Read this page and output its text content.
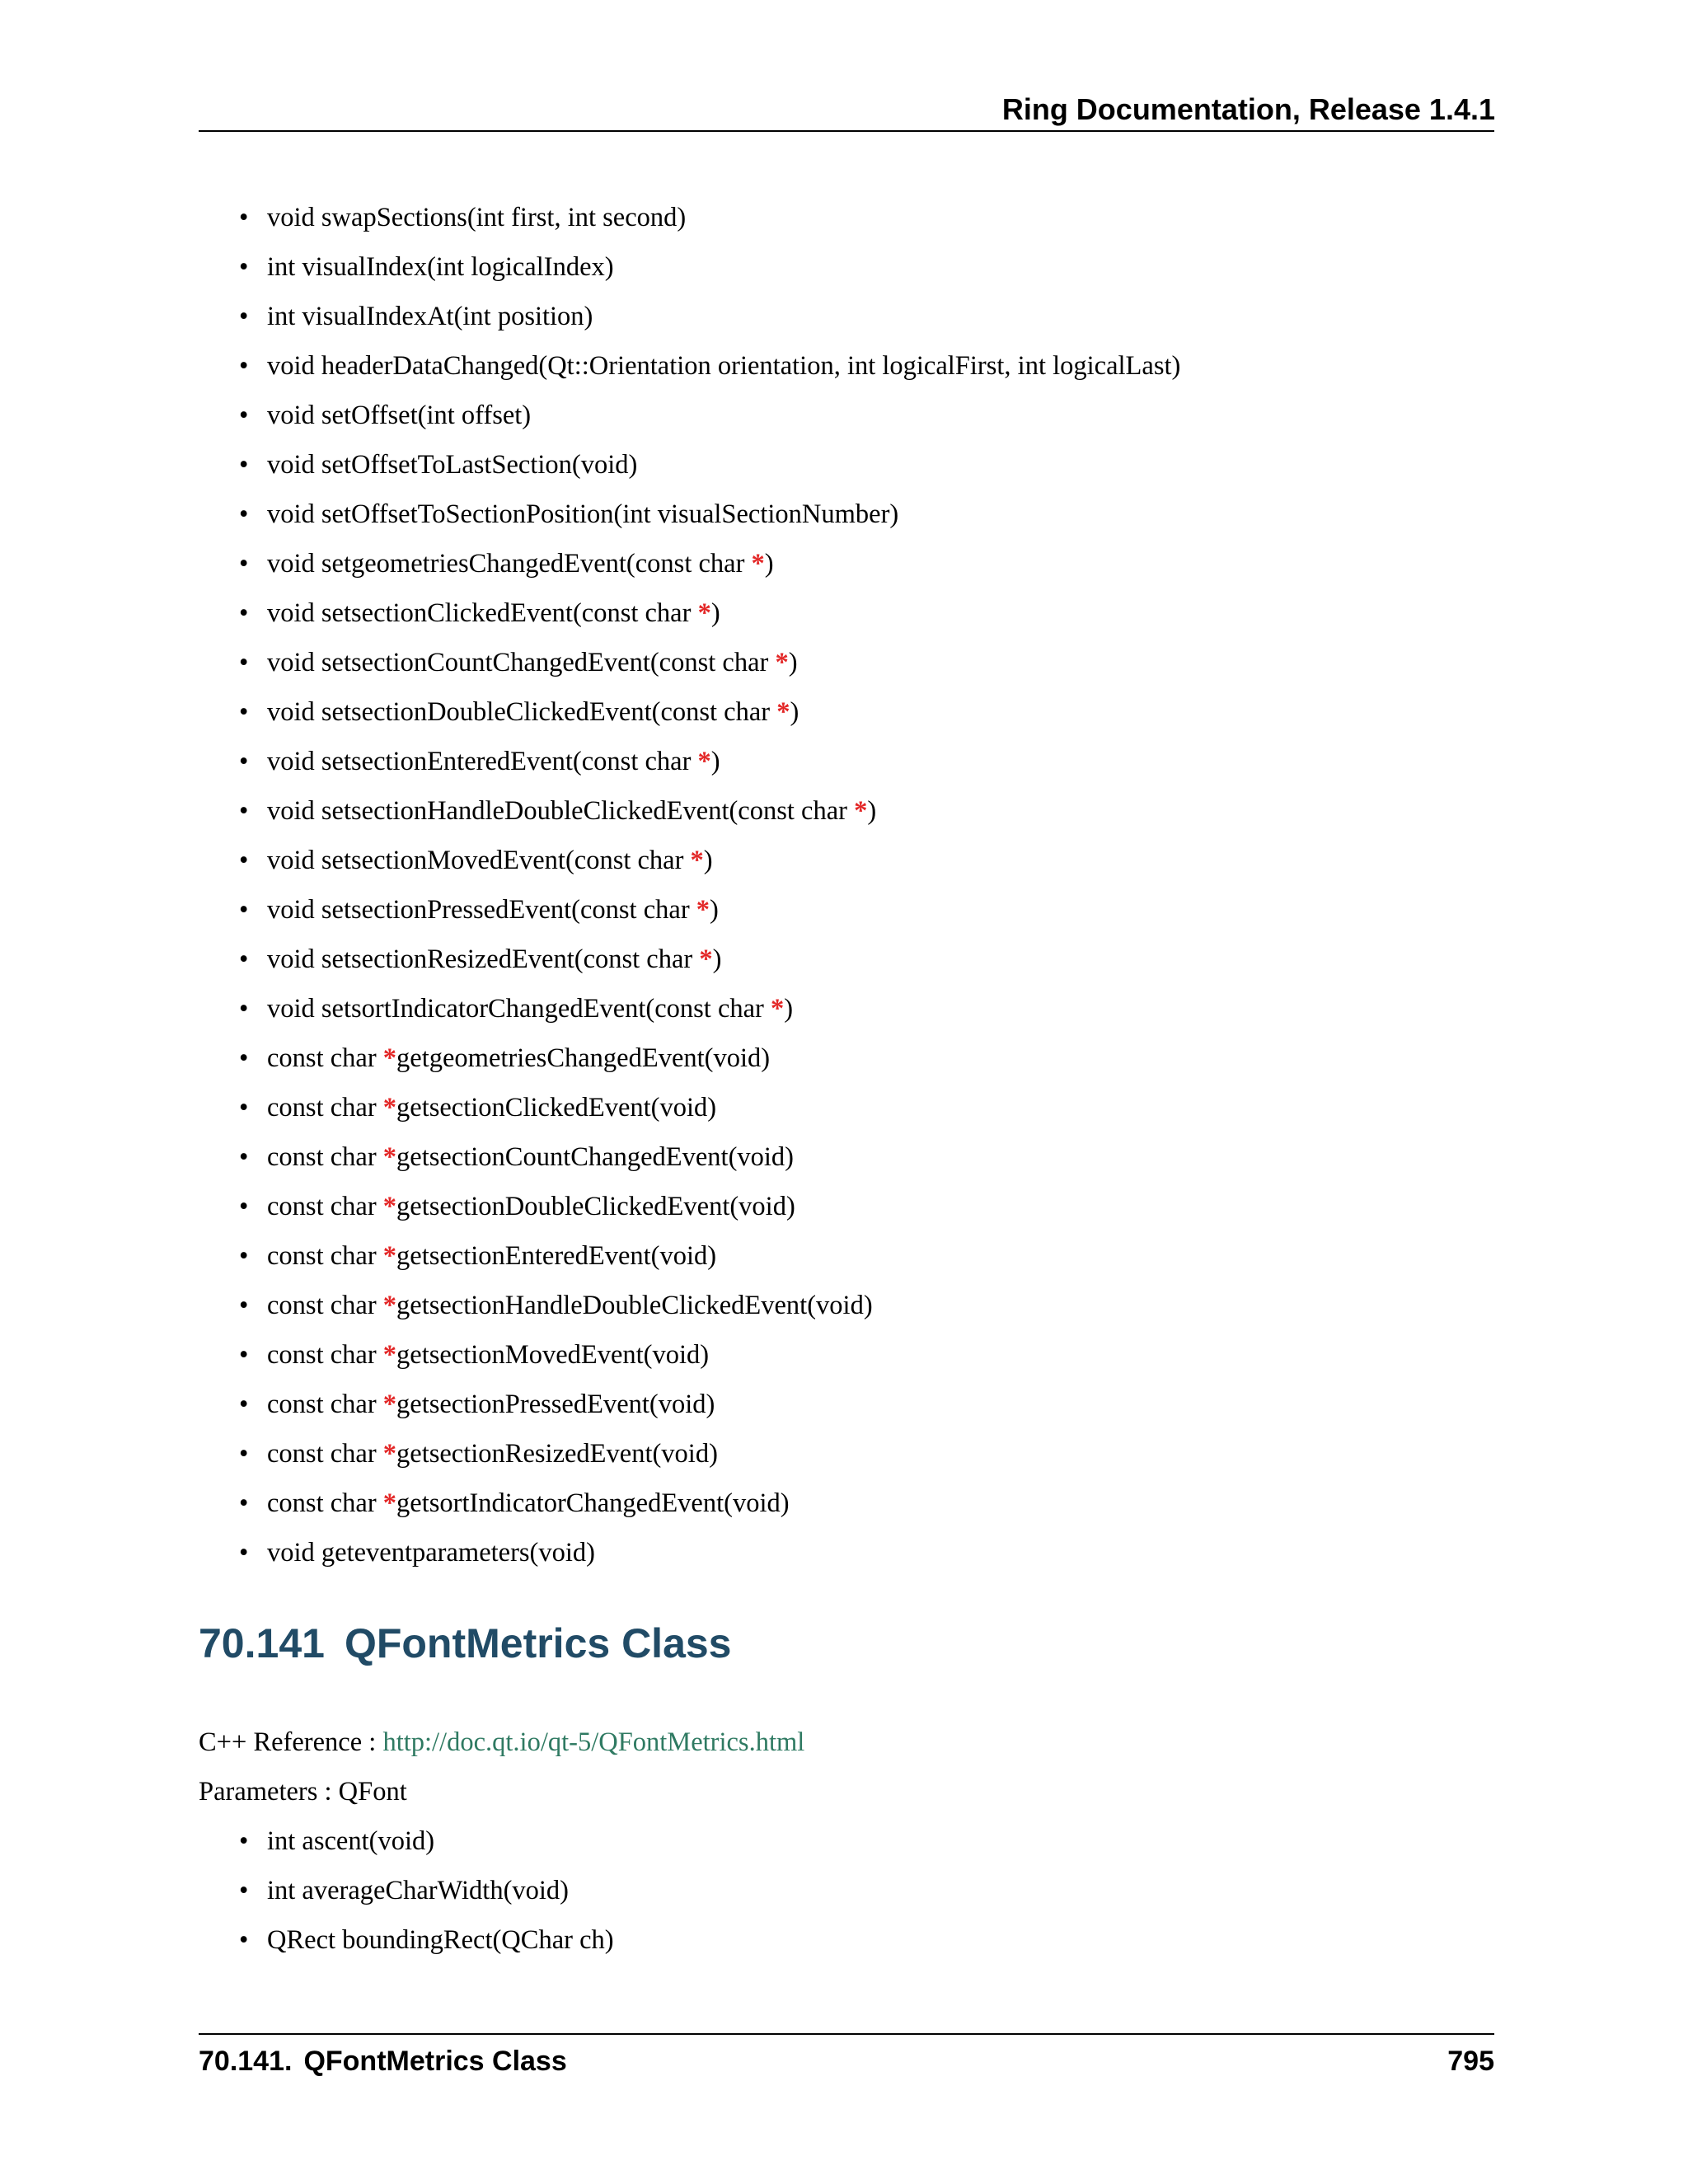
Ring Documentation, Release 1.4.1
• void swapSections(int first, int second)
• int visualIndex(int logicalIndex)
• int visualIndexAt(int position)
• void headerDataChanged(Qt::Orientation orientation, int logicalFirst, int logicalLast)
• void setOffset(int offset)
• void setOffsetToLastSection(void)
• void setOffsetToSectionPosition(int visualSectionNumber)
• void setgeometriesChangedEvent(const char *)
• void setsectionClickedEvent(const char *)
• void setsectionCountChangedEvent(const char *)
• void setsectionDoubleClickedEvent(const char *)
• void setsectionEnteredEvent(const char *)
• void setsectionHandleDoubleClickedEvent(const char *)
• void setsectionMovedEvent(const char *)
• void setsectionPressedEvent(const char *)
• void setsectionResizedEvent(const char *)
• void setsortIndicatorChangedEvent(const char *)
• const char *getgeometriesChangedEvent(void)
• const char *getsectionClickedEvent(void)
• const char *getsectionCountChangedEvent(void)
• const char *getsectionDoubleClickedEvent(void)
• const char *getsectionEnteredEvent(void)
• const char *getsectionHandleDoubleClickedEvent(void)
• const char *getsectionMovedEvent(void)
• const char *getsectionPressedEvent(void)
• const char *getsectionResizedEvent(void)
• const char *getsortIndicatorChangedEvent(void)
• void geteventparameters(void)
70.141 QFontMetrics Class
C++ Reference : http://doc.qt.io/qt-5/QFontMetrics.html
Parameters : QFont
• int ascent(void)
• int averageCharWidth(void)
• QRect boundingRect(QChar ch)
70.141. QFontMetrics Class	795
